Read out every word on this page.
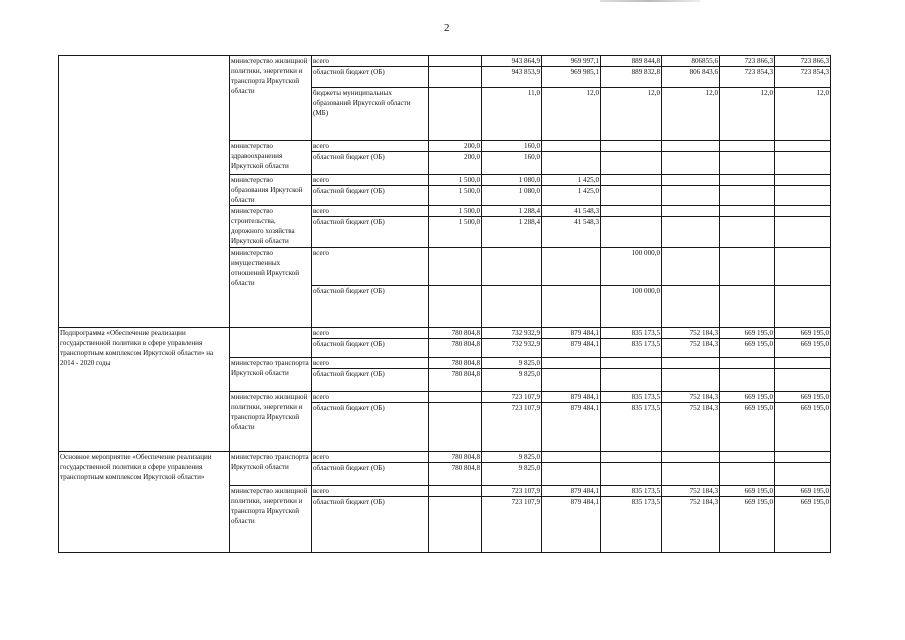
2
	министерство жилищной политики, энергетики и транспорта Иркутской области	всего		943 864,9	969 997,1	889 844,8	806855,6	723 866,3	723 866,3
		областной бюджет (ОБ)		943 853,9	969 985,1	889 832,8	806 843,6	723 854,3	723 854,3
		бюджеты муниципальных образований Иркутской области (МБ)		11,0	12,0	12,0	12,0	12,0	12,0
	министерство здравоохранения Иркутской области	всего	200,0	160,0					
		областной бюджет (ОБ)	200,0	160,0					
	министерство образования Иркутской области	всего	1 500,0	1 080,0	1 425,0				
		областной бюджет (ОБ)	1 500,0	1 080,0	1 425,0				
	министерство строительства, дорожного хозяйства Иркутской области	всего	1 500,0	1 288,4	41 548,3				
		областной бюджет (ОБ)	1 500,0	1 288,4	41 548,3				
	министерство имущественных отношений Иркутской области	всего				100 000,0			
		областной бюджет (ОБ)				100 000,0			
Подпрограмма «Обеспечение реализации государственной политики в сфере управления транспортным комплексом Иркутской области» на 2014 - 2020 годы		всего	780 804,8	732 932,9	879 484,1	835 173,5	752 184,3	669 195,0	669 195,0
		областной бюджет (ОБ)	780 804,8	732 932,9	879 484,1	835 173,5	752 184,3	669 195,0	669 195,0
	министерство транспорта Иркутской области	всего	780 804,8	9 825,0					
		областной бюджет (ОБ)	780 804,8	9 825,0					
	министерство жилищной политики, энергетики и транспорта Иркутской области	всего		723 107,9	879 484,1	835 173,5	752 184,3	669 195,0	669 195,0
		областной бюджет (ОБ)		723 107,9	879 484,1	835 173,5	752 184,3	669 195,0	669 195,0
Основное мероприятие «Обеспечение реализации государственной политики в сфере управления транспортным комплексом Иркутской области»	министерство транспорта Иркутской области	всего	780 804,8	9 825,0					
		областной бюджет (ОБ)	780 804,8	9 825,0					
	министерство жилищной политики, энергетики и транспорта Иркутской области	всего		723 107,9	879 484,1	835 173,5	752 184,3	669 195,0	669 195,0
		областной бюджет (ОБ)		723 107,9	879 484,1	835 173,5	752 184,3	669 195,0	669 195,0
